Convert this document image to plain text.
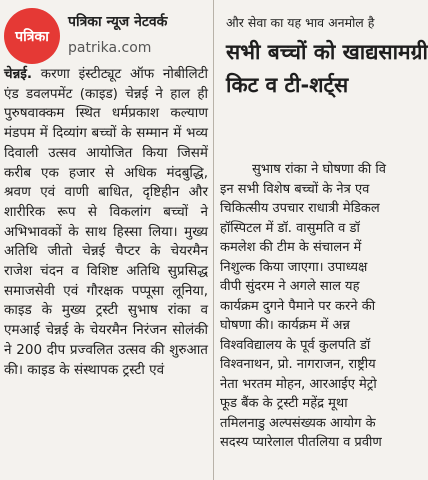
पत्रिका
पत्रिका न्यूज नेटवर्क
patrika.com

चेन्नई. करणा इंस्टीट्यूट ऑफ नोबीलिटी एंड डवलपमेंट (काइड) चेन्नई ने हाल ही पुरुषवाक्कम स्थित धर्मप्रकाश कल्याण मंडपम में दिव्यांग बच्चों के सम्मान में भव्य दिवाली उत्सव आयोजित किया जिसमें करीब एक हजार से अधिक मंदबुद्धि, श्रवण एवं वाणी बाधित, दृष्टिहीन और शारीरिक रूप से विकलांग बच्चों ने अभिभावकों के साथ हिस्सा लिया। मुख्य अतिथि जीतो चेन्नई चैप्टर के चेयरमैन राजेश चंदन व विशिष्ट अतिथि सुप्रसिद्ध समाजसेवी एवं गौरक्षक पप्पूसा लूनिया, काइड के मुख्य ट्रस्टी सुभाष रांका व एमआई चेन्नई के चेयरमैन निरंजन सोलंकी ने 200 दीप प्रज्वलित उत्सव की शुरुआत की। काइड के संस्थापक ट्रस्टी एवं

और सेवा का यह भाव अनमोल है
सभी बच्चों को खाद्यसामग्री किट व टी-शर्ट्स
सुभाष रांका ने घोषणा की वि
इन सभी विशेष बच्चों के नेत्र एव
चिकित्सीय उपचार राधात्री मेडिकल
हॉस्पिटल में डॉ. वासुमति व डॉ
कमलेश की टीम के संचालन में
निशुल्क किया जाएगा। उपाध्यक्ष
वीपी सुंदरम ने अगले साल यह
कार्यक्रम दुगने पैमाने पर करने की
घोषणा की। कार्यक्रम में अन्न
विश्वविद्यालय के पूर्व कुलपति डॉ
विश्वनाथन, प्रो. नागराजन, राष्ट्रीय
नेता भरतम मोहन, आरआईए मेट्रो
फूड बैंक के ट्रस्टी महेंद्र मूथा
तमिलनाडु अल्पसंख्यक आयोग के
सदस्य प्यारेलाल पीतलिया व प्रवीण
